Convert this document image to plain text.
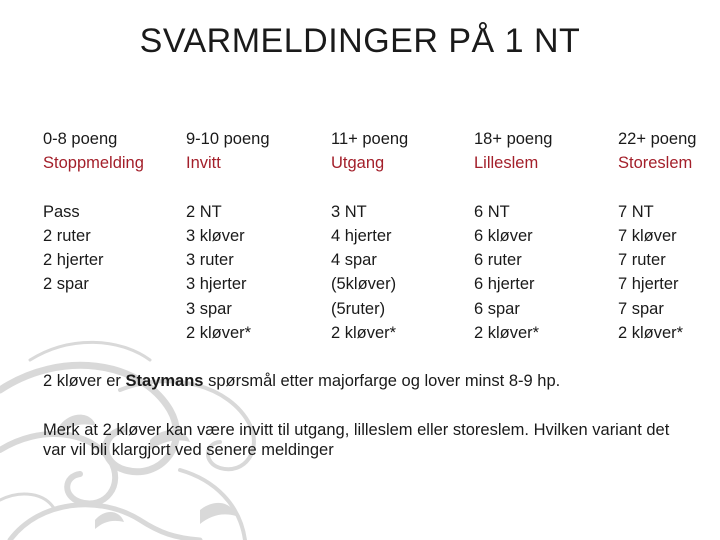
SVARMELDINGER PÅ 1 NT
0-8 poeng
Stoppmelding
Pass
2 ruter
2 hjerter
2 spar
9-10 poeng
Invitt
2 NT
3 kløver
3 ruter
3 hjerter
3 spar
2 kløver*
11+ poeng
Utgang
3 NT
4 hjerter
4 spar
(5kløver)
(5ruter)
2 kløver*
18+ poeng
Lilleslem
6 NT
6 kløver
6 ruter
6 hjerter
6 spar
2 kløver*
22+ poeng
Storeslem
7 NT
7 kløver
7 ruter
7 hjerter
7 spar
2 kløver*

2 kløver er Staymans spørsmål etter majorfarge og lover minst 8-9 hp.

Merk at 2 kløver kan være invitt til utgang, lilleslem eller storeslem. Hvilken variant det var vil bli klargjort ved senere meldinger
